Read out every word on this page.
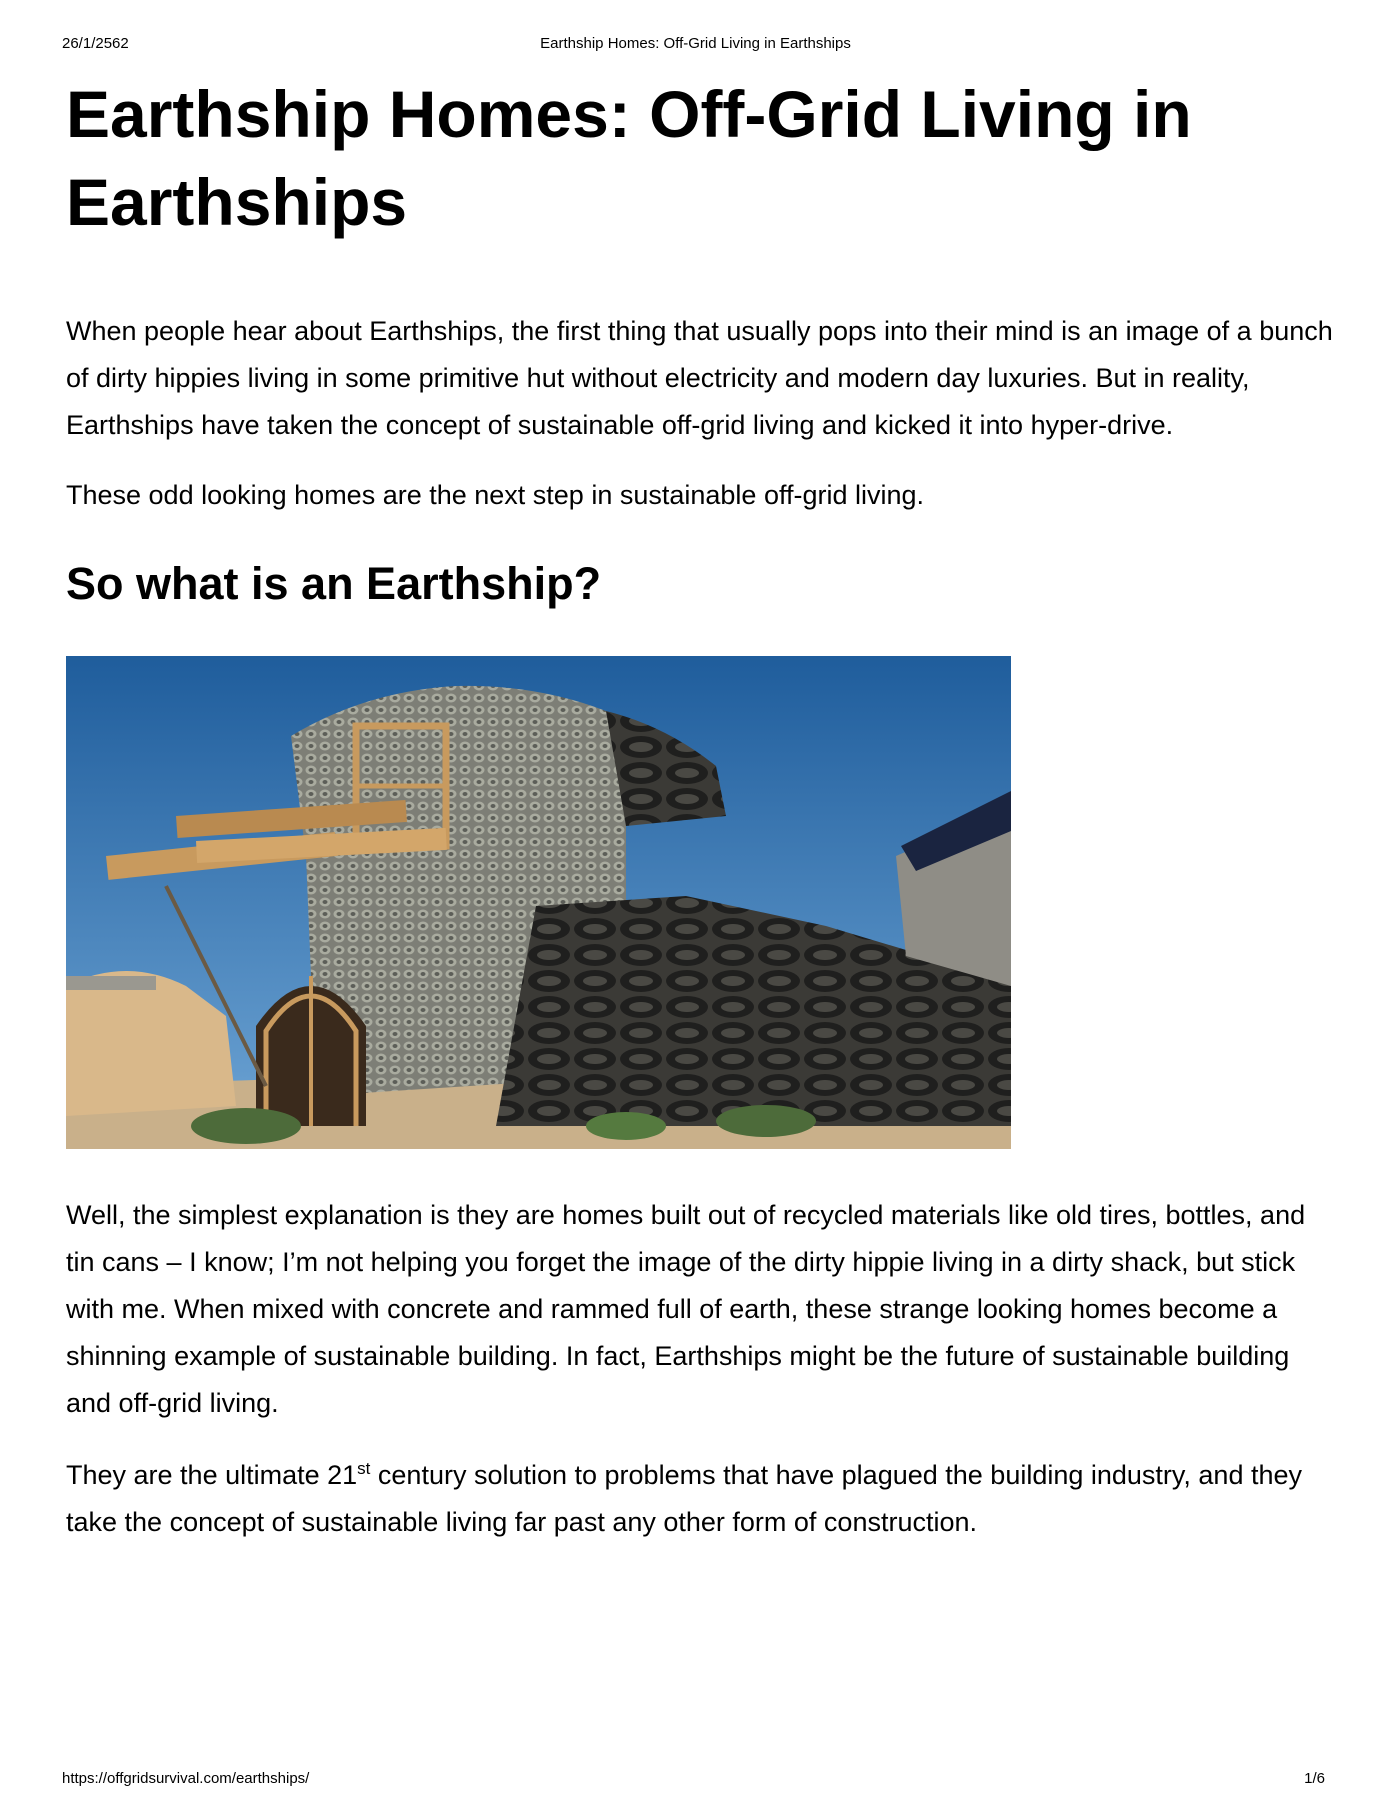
26/1/2562	Earthship Homes: Off-Grid Living in Earthships
Earthship Homes: Off-Grid Living in Earthships

When people hear about Earthships, the first thing that usually pops into their mind is an image of a bunch of dirty hippies living in some primitive hut without electricity and modern day luxuries. But in reality, Earthships have taken the concept of sustainable off-grid living and kicked it into hyper-drive.

These odd looking homes are the next step in sustainable off-grid living.

So what is an Earthship?

Well, the simplest explanation is they are homes built out of recycled materials like old tires, bottles, and tin cans – I know; I’m not helping you forget the image of the dirty hippie living in a dirty shack, but stick with me. When mixed with concrete and rammed full of earth, these strange looking homes become a shinning example of sustainable building. In fact, Earthships might be the future of sustainable building and off-grid living.

They are the ultimate 21st century solution to problems that have plagued the building industry, and they take the concept of sustainable living far past any other form of construction.

https://offgridsurvival.com/earthships/	1/6
